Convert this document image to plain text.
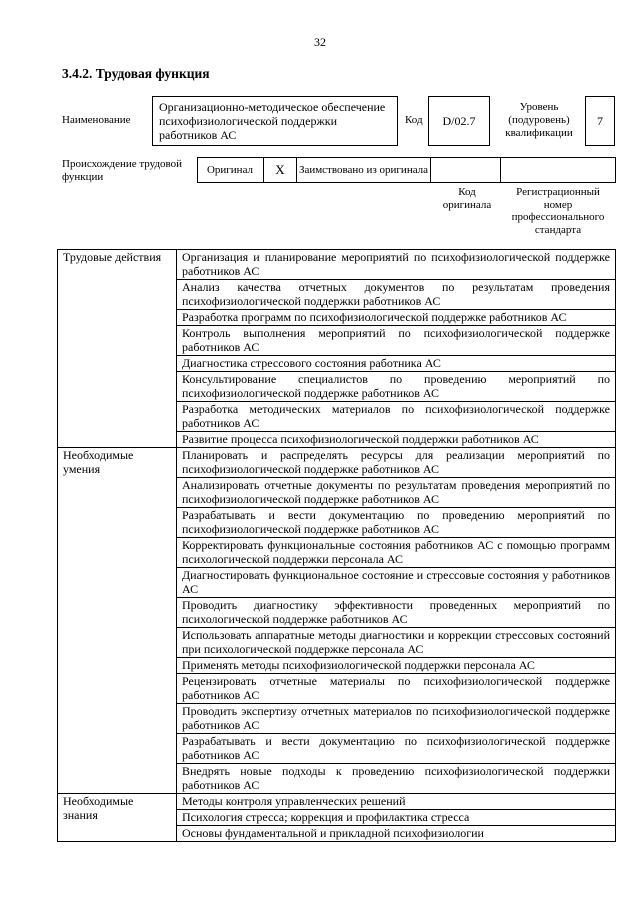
32
3.4.2. Трудовая функция
Наименование
Организационно-методическое обеспечение психофизиологической поддержки работников АС
Код	D/02.7
Уровень (подуровень) квалификации
7
Происхождение трудовой функции
Оригинал	X	Заимствовано из оригинала
Код оригинала
Регистрационный номер профессионального стандарта
Трудовые действия	Организация и планирование мероприятий по психофизиологической поддержке работников АС
	Анализ качества отчетных документов по результатам проведения психофизиологической поддержки работников АС
	Разработка программ по психофизиологической поддержке работников АС
	Контроль выполнения мероприятий по психофизиологической поддержке работников АС
	Диагностика стрессового состояния работника АС
	Консультирование специалистов по проведению мероприятий по психофизиологической поддержке работников АС
	Разработка методических материалов по психофизиологической поддержке работников АС
	Развитие процесса психофизиологической поддержки работников АС
Необходимые умения	Планировать и распределять ресурсы для реализации мероприятий по психофизиологической поддержке работников АС
	Анализировать отчетные документы по результатам проведения мероприятий по психофизиологической поддержке работников АС
	Разрабатывать и вести документацию по проведению мероприятий по психофизиологической поддержке работников АС
	Корректировать функциональные состояния работников АС с помощью программ психологической поддержки персонала АС
	Диагностировать функциональное состояние и стрессовые состояния у работников АС
	Проводить диагностику эффективности проведенных мероприятий по психологической поддержке работников АС
	Использовать аппаратные методы диагностики и коррекции стрессовых состояний при психологической поддержке персонала АС
	Применять методы психофизиологической поддержки персонала АС
	Рецензировать отчетные материалы по психофизиологической поддержке работников АС
	Проводить экспертизу отчетных материалов по психофизиологической поддержке работников АС
	Разрабатывать и вести документацию по психофизиологической поддержке работников АС
	Внедрять новые подходы к проведению психофизиологической поддержки работников АС
Необходимые знания	Методы контроля управленческих решений
	Психология стресса; коррекция и профилактика стресса
	Основы фундаментальной и прикладной психофизиологии
